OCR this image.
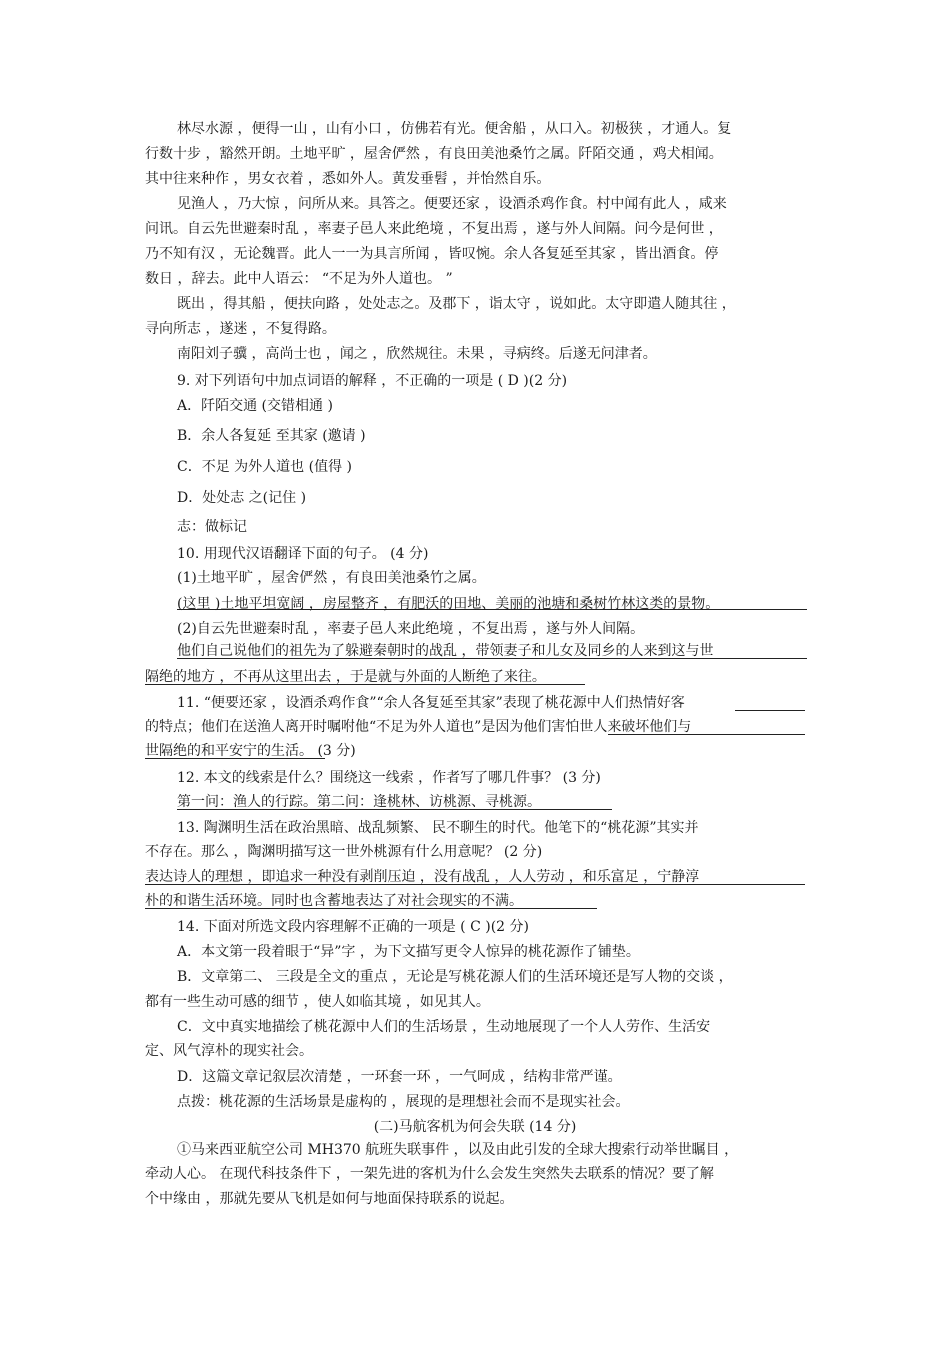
林尽水源 ，便得一山 ，山有小口 ，仿佛若有光。便舍船 ，从口入。初极狭 ，才通人。复
行数十步 ，豁然开朗。土地平旷 ，屋舍俨然 ，有良田美池桑竹之属。阡陌交通 ，鸡犬相闻。
其中往来种作 ，男女衣着 ，悉如外人。黄发垂髫 ，并怡然自乐。
见渔人 ，乃大惊 ，问所从来。具答之。便要还家 ，设酒杀鸡作食。村中闻有此人 ，咸来
问讯。自云先世避秦时乱 ，率妻子邑人来此绝境 ，不复出焉 ，遂与外人间隔。问今是何世 ，
乃不知有汉 ，无论魏晋。此人一一为具言所闻 ，皆叹惋。余人各复延至其家 ，皆出酒食。停
数日 ，辞去。此中人语云： “不足为外人道也。 ”
既出 ，得其船 ，便扶向路 ，处处志之。及郡下 ，诣太守 ，说如此。太守即遣人随其往 ，
寻向所志 ，遂迷 ，不复得路。
南阳刘子骥 ，高尚士也 ，闻之 ，欣然规往。未果 ，寻病终。后遂无问津者。
9. 对下列语句中加点词语的解释 ，不正确的一项是 ( D )(2 分)
A．阡陌交通 (交错相通 )
B．余人各复延 至其家 (邀请 )
C．不足 为外人道也 (值得 )
D．处处志 之(记住 )
志：做标记
10. 用现代汉语翻译下面的句子。 (4 分)
(1)土地平旷 ，屋舍俨然 ，有良田美池桑竹之属。
(这里 )土地平坦宽阔 ，房屋整齐 ，有肥沃的田地、美丽的池塘和桑树竹林这类的景物。
(2)自云先世避秦时乱 ，率妻子邑人来此绝境 ，不复出焉 ，遂与外人间隔。
他们自己说他们的祖先为了躲避秦朝时的战乱 ，带领妻子和儿女及同乡的人来到这与世
隔绝的地方 ，不再从这里出去 ，于是就与外面的人断绝了来往。
11. “便要还家 ，设酒杀鸡作食”“余人各复延至其家”表现了桃花源中人们热情好客
的特点；他们在送渔人离开时嘱咐他“不足为外人道也”是因为他们害怕世人来破坏他们与
世隔绝的和平安宁的生活。 (3 分)
12. 本文的线索是什么？围绕这一线索 ，作者写了哪几件事？ (3 分)
第一问：渔人的行踪。第二问：逢桃林、访桃源、寻桃源。
13. 陶渊明生活在政治黑暗、战乱频繁、 民不聊生的时代。他笔下的“桃花源”其实并
不存在。那么 ，陶渊明描写这一世外桃源有什么用意呢？ (2 分)
表达诗人的理想 ，即追求一种没有剥削压迫 ，没有战乱 ，人人劳动 ，和乐富足 ，宁静淳
朴的和谐生活环境。同时也含蓄地表达了对社会现实的不满。
14. 下面对所选文段内容理解不正确的一项是 ( C )(2 分)
A．本文第一段着眼于“异”字 ，为下文描写更令人惊异的桃花源作了铺垫。
B．文章第二、 三段是全文的重点 ，无论是写桃花源人们的生活环境还是写人物的交谈 ，
都有一些生动可感的细节 ，使人如临其境 ，如见其人。
C．文中真实地描绘了桃花源中人们的生活场景 ，生动地展现了一个人人劳作、生活安
定、风气淳朴的现实社会。
D．这篇文章记叙层次清楚 ，一环套一环 ，一气呵成 ，结构非常严谨。
点拨：桃花源的生活场景是虚构的 ，展现的是理想社会而不是现实社会。
(二)马航客机为何会失联 (14 分)
①马来西亚航空公司 MH370 航班失联事件 ，以及由此引发的全球大搜索行动举世瞩目 ，
牵动人心。 在现代科技条件下 ，一架先进的客机为什么会发生突然失去联系的情况？要了解
个中缘由 ，那就先要从飞机是如何与地面保持联系的说起。
